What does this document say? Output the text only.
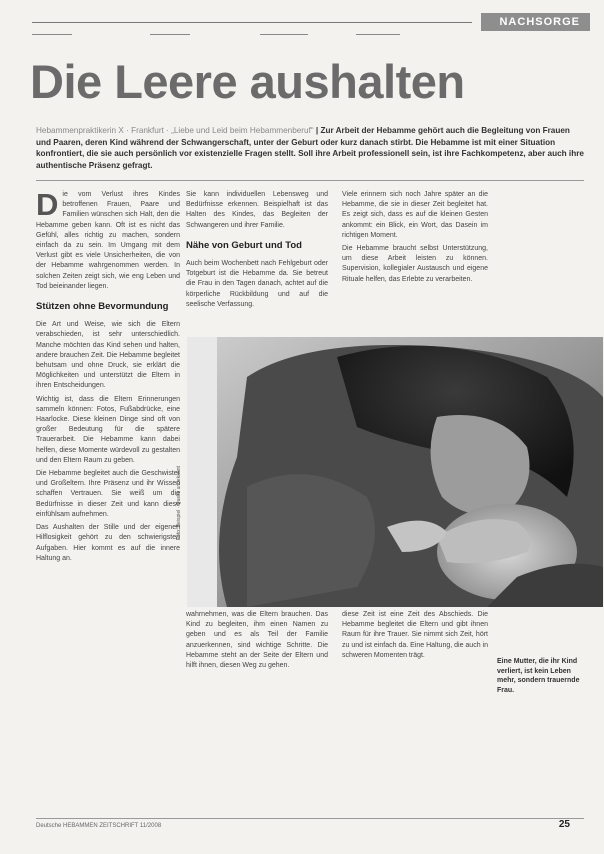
NACHSORGE
Die Leere aushalten

Hebammenpraktikerin X · Frankfurt · „Liebe und Leid beim Hebammenberuf“ | Zur Arbeit der Hebamme gehört auch die Begleitung von Frauen und Paaren, deren Kind während der Schwangerschaft, unter der Geburt oder kurz danach stirbt. Die Hebamme ist mit einer Situation konfrontiert, die sie auch persönlich vor existenzielle Fragen stellt. Soll ihre Arbeit professionell sein, ist ihre Fachkompetenz, aber auch ihre authentische Präsenz gefragt.

D ie vom Verlust ihres Kindes betroffenen Frauen, Paare und Familien wünschen sich Halt, den die Hebamme geben kann. Oft ist es nicht das Gefühl, alles richtig zu machen, sondern einfach da zu sein. Im Umgang mit dem Verlust gibt es viele Unsicherheiten, die von der Hebamme wahrgenommen werden. In solchen Zeiten zeigt sich, wie eng Leben und Tod beieinander liegen.

Stützen ohne Bevormundung

Die Art und Weise, wie sich die Eltern verabschieden, ist sehr unterschiedlich. Manche möchten das Kind sehen und halten, andere brauchen Zeit. Die Hebamme begleitet behutsam und ohne Druck, sie erklärt die Möglichkeiten und unterstützt die Eltern in ihren Entscheidungen.

Wichtig ist, dass die Eltern Erinnerungen sammeln können: Fotos, Fußabdrücke, eine Haarlocke. Diese kleinen Dinge sind oft von großer Bedeutung für die spätere Trauerarbeit. Die Hebamme kann dabei helfen, diese Momente würdevoll zu gestalten und den Eltern Raum zu geben.

Die Hebamme begleitet auch die Geschwister und Großeltern. Ihre Präsenz und ihr Wissen schaffen Vertrauen. Sie weiß um die Bedürfnisse in dieser Zeit und kann diese einfühlsam aufnehmen.

Das Aushalten der Stille und der eigenen Hilflosigkeit gehört zu den schwierigsten Aufgaben. Hier kommt es auf die innere Haltung an.

Sie kann individuellen Lebensweg und Bedürfnisse erkennen. Beispielhaft ist das Halten des Kindes, das Begleiten der Schwangeren und ihrer Familie.

Nähe von Geburt und Tod

Auch beim Wochenbett nach Fehlgeburt oder Totgeburt ist die Hebamme da. Sie betreut die Frau in den Tagen danach, achtet auf die körperliche Rückbildung und auf die seelische Verfassung.

Viele erinnern sich noch Jahre später an die Hebamme, die sie in dieser Zeit begleitet hat. Es zeigt sich, dass es auf die kleinen Gesten ankommt: ein Blick, ein Wort, das Dasein im richtigen Moment.

Die Hebamme braucht selbst Unterstützung, um diese Arbeit leisten zu können. Supervision, kollegialer Austausch und eigene Rituale helfen, das Erlebte zu verarbeiten.

Foto: Beispiel · Quelle unbekannt

wahrnehmen, was die Eltern brauchen. Das Kind zu begleiten, ihm einen Namen zu geben und es als Teil der Familie anzuerkennen, sind wichtige Schritte. Die Hebamme steht an der Seite der Eltern und hilft ihnen, diesen Weg zu gehen.

diese Zeit ist eine Zeit des Abschieds. Die Hebamme begleitet die Eltern und gibt ihnen Raum für ihre Trauer. Sie nimmt sich Zeit, hört zu und ist einfach da. Eine Haltung, die auch in schweren Momenten trägt.

Eine Mutter, die ihr Kind verliert, ist kein Leben mehr, sondern trauernde Frau.
Deutsche HEBAMMEN ZEITSCHRIFT 11/2008	25
